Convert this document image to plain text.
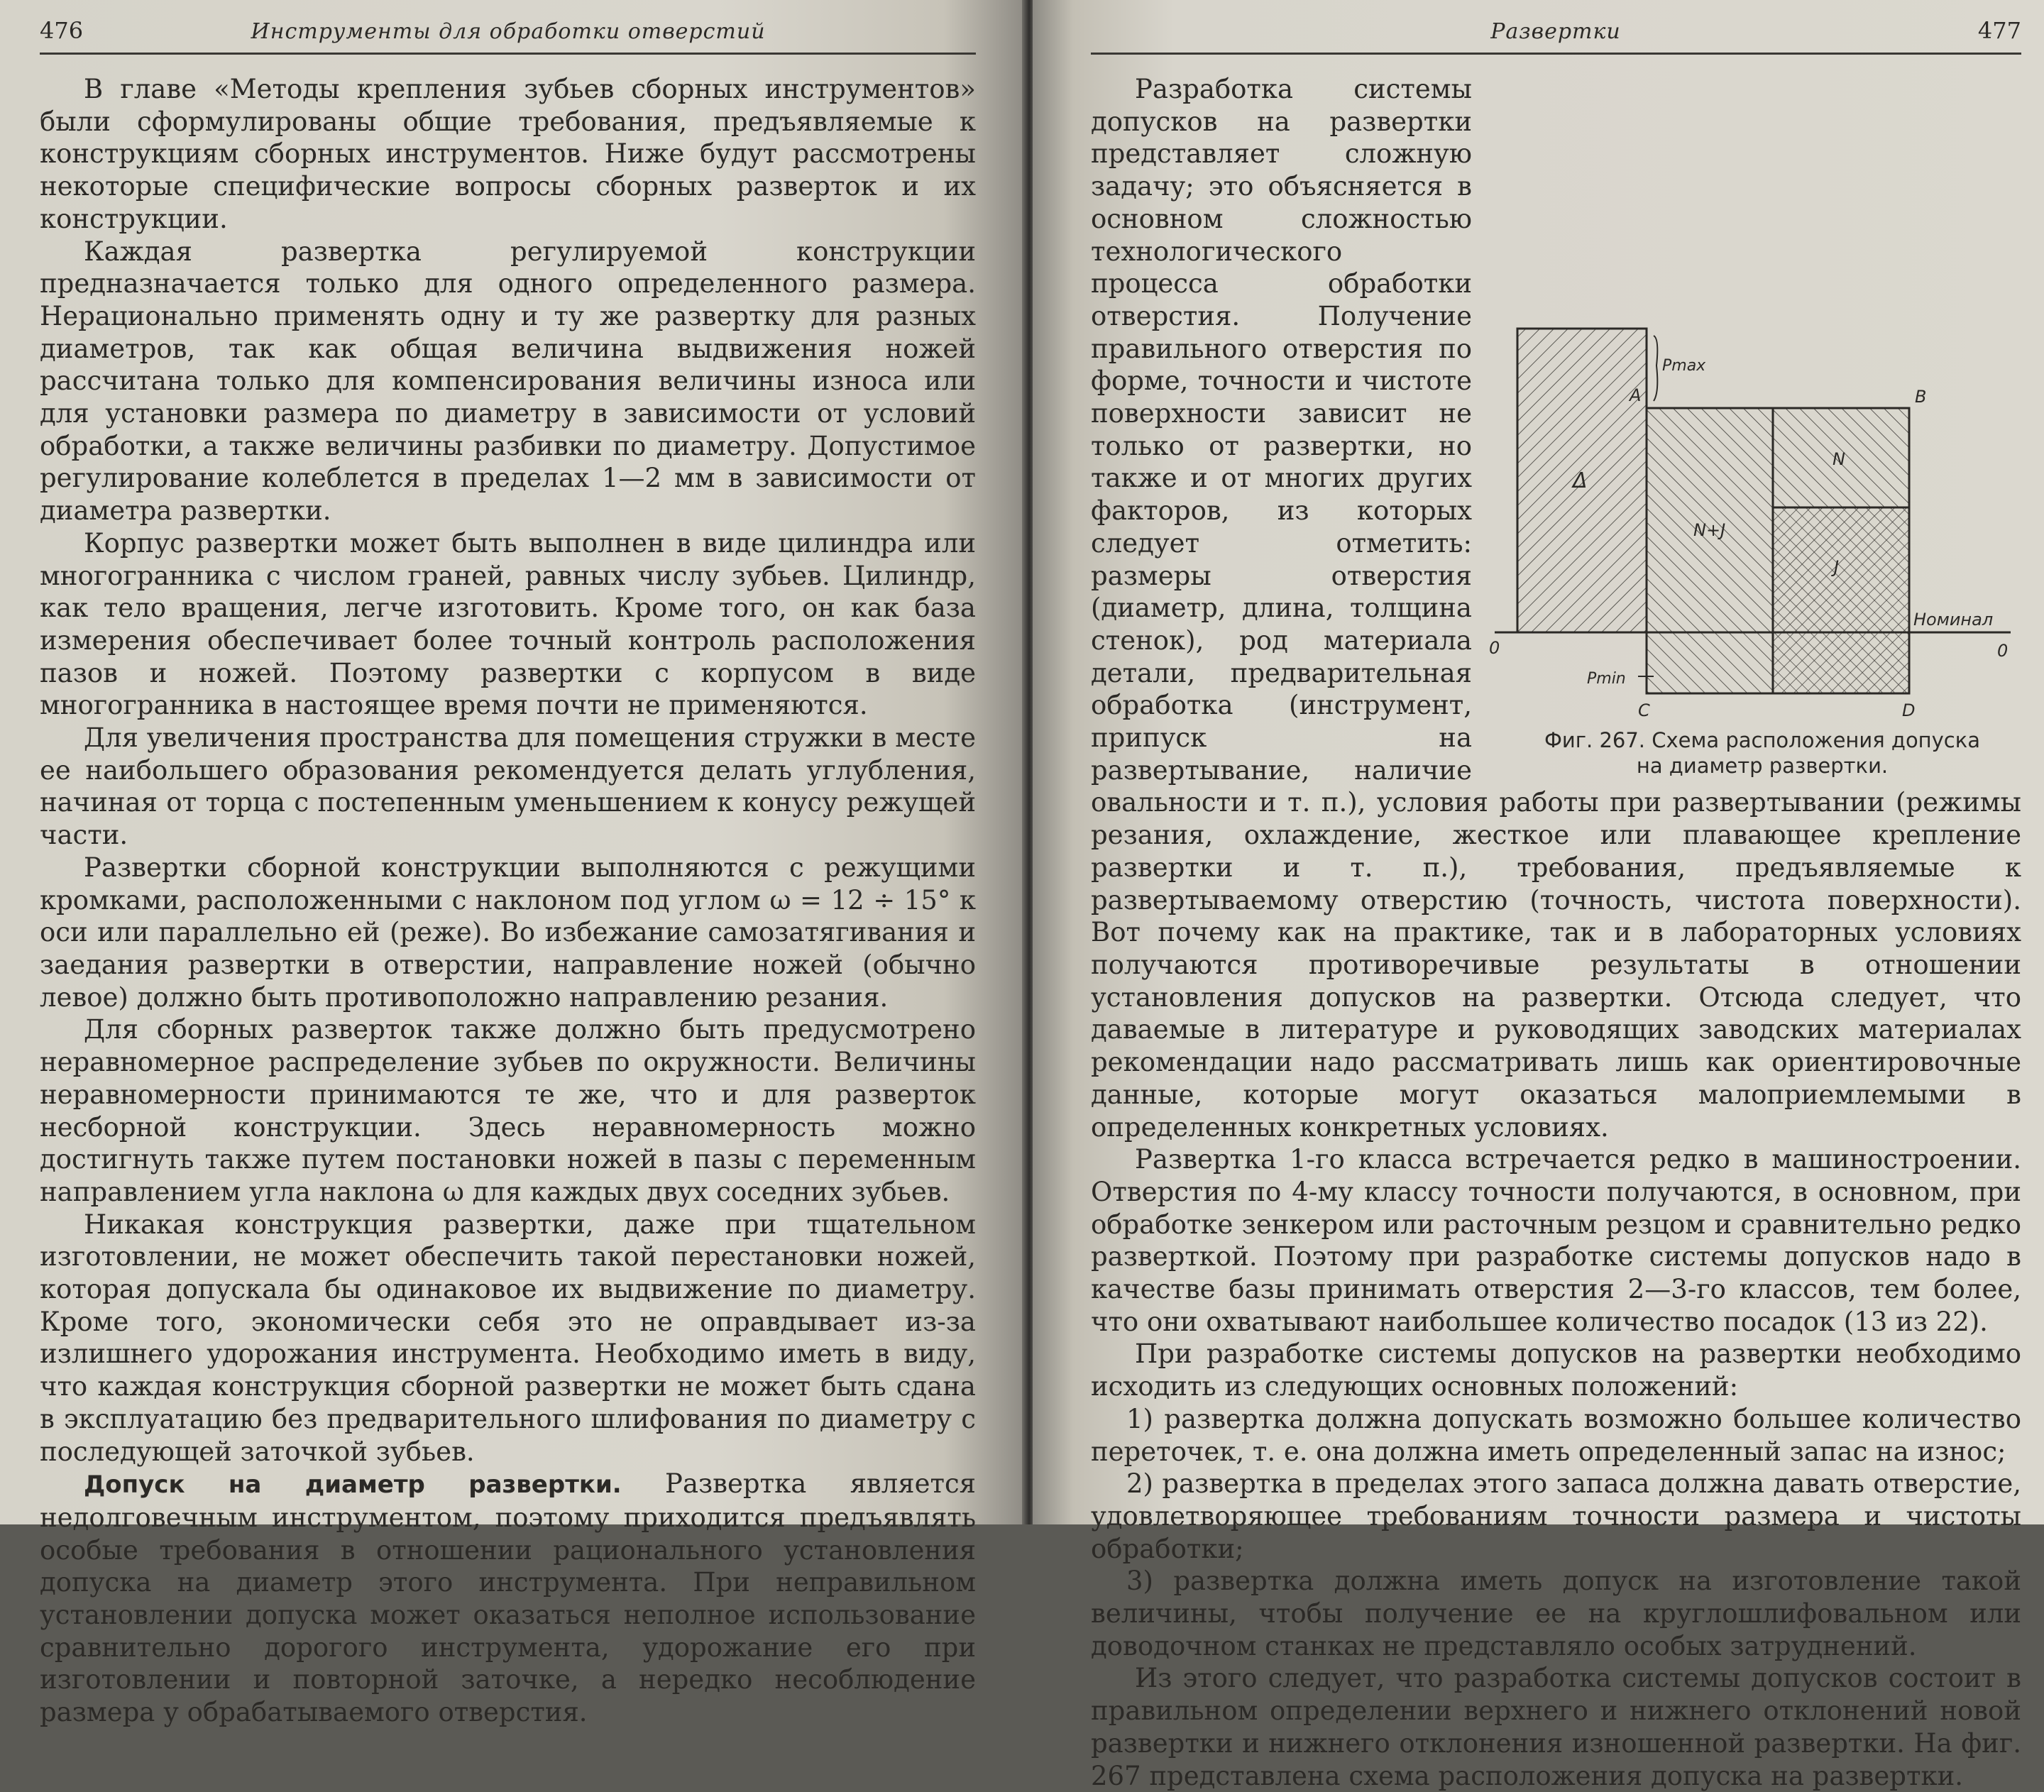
476	Инструменты для обработки отверстий

В главе «Методы крепления зубьев сборных инструментов» были сформулированы общие требования, предъявляемые к конструкциям сборных инструментов. Ниже будут рассмотрены некоторые специфические вопросы сборных разверток и их конструкции.

Каждая развертка регулируемой конструкции предназначается только для одного определенного размера. Нерационально применять одну и ту же развертку для разных диаметров, так как общая величина выдвижения ножей рассчитана только для компенсирования величины износа или для установки размера по диаметру в зависимости от условий обработки, а также величины разбивки по диаметру. Допустимое регулирование колеблется в пределах 1—2 мм в зависимости от диаметра развертки.

Корпус развертки может быть выполнен в виде цилиндра или многогранника с числом граней, равных числу зубьев. Цилиндр, как тело вращения, легче изготовить. Кроме того, он как база измерения обеспечивает более точный контроль расположения пазов и ножей. Поэтому развертки с корпусом в виде многогранника в настоящее время почти не применяются.

Для увеличения пространства для помещения стружки в месте ее наибольшего образования рекомендуется делать углубления, начиная от торца с постепенным уменьшением к конусу режущей части.

Развертки сборной конструкции выполняются с режущими кромками, расположенными с наклоном под углом ω = 12 ÷ 15° к оси или параллельно ей (реже). Во избежание самозатягивания и заедания развертки в отверстии, направление ножей (обычно левое) должно быть противоположно направлению резания.

Для сборных разверток также должно быть предусмотрено неравномерное распределение зубьев по окружности. Величины неравномерности принимаются те же, что и для разверток несборной конструкции. Здесь неравномерность можно достигнуть также путем постановки ножей в пазы с переменным направлением угла наклона ω для каждых двух соседних зубьев.

Никакая конструкция развертки, даже при тщательном изготовлении, не может обеспечить такой перестановки ножей, которая допускала бы одинаковое их выдвижение по диаметру. Кроме того, экономически себя это не оправдывает из-за излишнего удорожания инструмента. Необходимо иметь в виду, что каждая конструкция сборной развертки не может быть сдана в эксплуатацию без предварительного шлифования по диаметру с последующей заточкой зубьев.

Допуск на диаметр развертки. Развертка является недолговечным инструментом, поэтому приходится предъявлять особые требования в отношении рационального установления допуска на диаметр этого инструмента. При неправильном установлении допуска может оказаться неполное использование сравнительно дорогого инструмента, удорожание его при изготовлении и повторной заточке, а нередко несоблюдение размера у обрабатываемого отверстия.

Развертки	477
Pmax
A	B
Δ
N
N+J
J
Номинал
0
0
Pmin
C	D
Фиг. 267. Схема расположения допуска
на диаметр развертки.

Разработка системы допусков на развертки представляет сложную задачу; это объясняется в основном сложностью технологического процесса обработки отверстия. Получение правильного отверстия по форме, точности и чистоте поверхности зависит не только от развертки, но также и от многих других факторов, из которых следует отметить: размеры отверстия (диаметр, длина, толщина стенок), род материала детали, предварительная обработка (инструмент, припуск на развертывание, наличие овальности и т. п.), условия работы при развертывании (режимы резания, охлаждение, жесткое или плавающее крепление развертки и т. п.), требования, предъявляемые к развертываемому отверстию (точность, чистота поверхности). Вот почему как на практике, так и в лабораторных условиях получаются противоречивые результаты в отношении установления допусков на развертки. Отсюда следует, что даваемые в литературе и руководящих заводских материалах рекомендации надо рассматривать лишь как ориентировочные данные, которые могут оказаться малоприемлемыми в определенных конкретных условиях.

Развертка 1-го класса встречается редко в машиностроении. Отверстия по 4-му классу точности получаются, в основном, при обработке зенкером или расточным резцом и сравнительно редко разверткой. Поэтому при разработке системы допусков надо в качестве базы принимать отверстия 2—3-го классов, тем более, что они охватывают наибольшее количество посадок (13 из 22).

При разработке системы допусков на развертки необходимо исходить из следующих основных положений:

1) развертка должна допускать возможно большее количество переточек, т. е. она должна иметь определенный запас на износ;

2) развертка в пределах этого запаса должна давать отверстие, удовлетворяющее требованиям точности размера и чистоты обработки;

3) развертка должна иметь допуск на изготовление такой величины, чтобы получение ее на круглошлифовальном или доводочном станках не представляло особых затруднений.

Из этого следует, что разработка системы допусков состоит в правильном определении верхнего и нижнего отклонений новой развертки и нижнего отклонения изношенной развертки. На фиг. 267 представлена схема расположения допуска на развертки.
